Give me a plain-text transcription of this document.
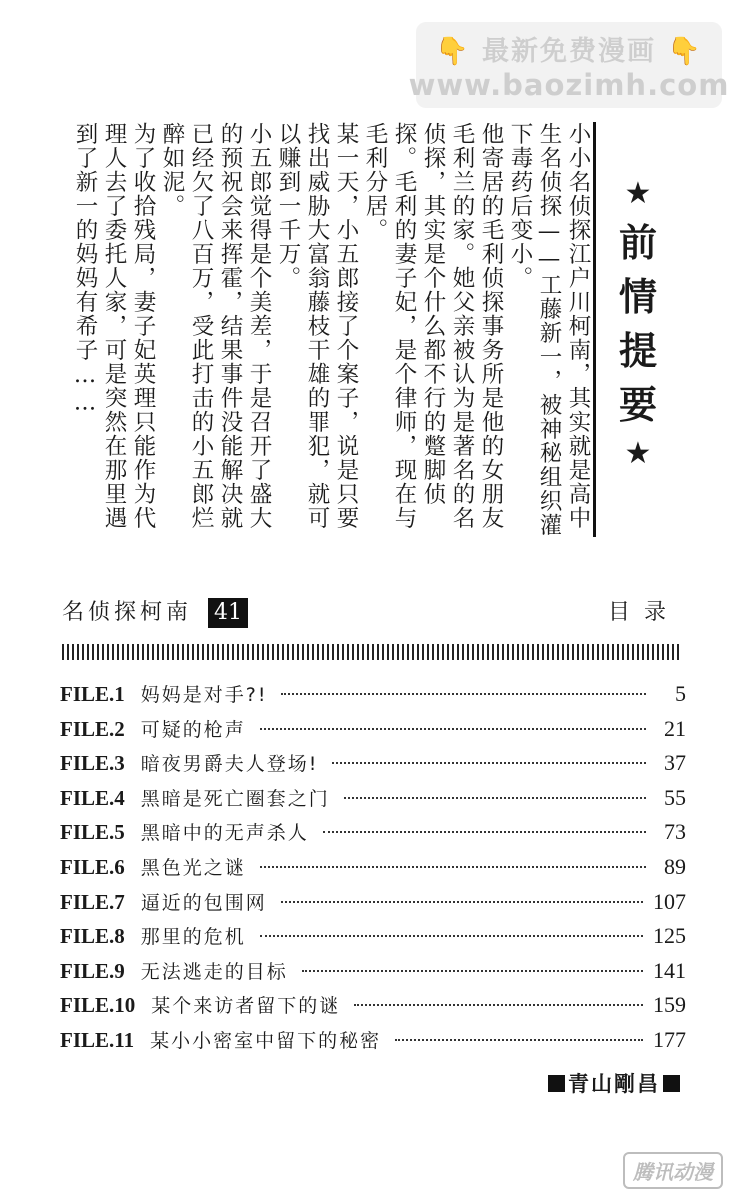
👇 最新免费漫画 👇
www.baozimh.com

小小名侦探江户川柯南，其实就是高中生名侦探——工藤新一，被神秘组织灌下毒药后变小。

他寄居的毛利侦探事务所是他的女朋友毛利兰的家。她父亲被认为是著名的名侦探，其实是个什么都不行的蹩脚侦探。毛利的妻子妃，是个律师，现在与毛利分居。

某一天，小五郎接了个案子，说是只要找出威胁大富翁藤枝干雄的罪犯，就可以赚到一千万。

小五郎觉得是个美差，于是召开了盛大的预祝会来挥霍，结果事件没能解决就已经欠了八百万，受此打击的小五郎烂醉如泥。

为了收拾残局，妻子妃英理只能作为代理人去了委托人家，可是突然在那里遇到了新一的妈妈有希子……	★
前
情
提
要
★
名侦探柯南 41	目录
FILE.1 妈妈是对手?!	5
FILE.2 可疑的枪声	21
FILE.3 暗夜男爵夫人登场!	37
FILE.4 黑暗是死亡圈套之门	55
FILE.5 黑暗中的无声杀人	73
FILE.6 黑色光之谜	89
FILE.7 逼近的包围网	107
FILE.8 那里的危机	125
FILE.9 无法逃走的目标	141
FILE.10 某个来访者留下的谜	159
FILE.11 某小小密室中留下的秘密	177
青山剛昌
腾讯动漫
